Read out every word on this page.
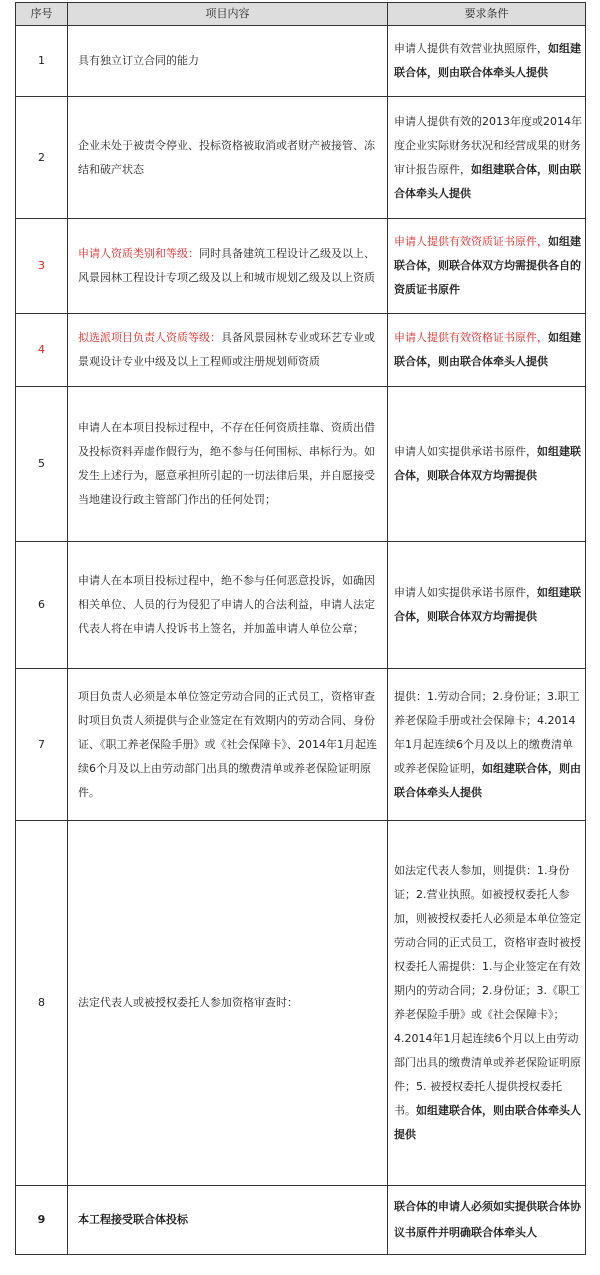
序号	项目内容	要求条件
1	具有独立订立合同的能力	申请人提供有效营业执照原件，如组建联合体，则由联合体牵头人提供
2	企业未处于被责令停业、投标资格被取消或者财产被接管、冻结和破产状态	申请人提供有效的2013年度或2014年度企业实际财务状况和经营成果的财务审计报告原件，如组建联合体，则由联合体牵头人提供
3	申请人资质类别和等级：同时具备建筑工程设计乙级及以上、风景园林工程设计专项乙级及以上和城市规划乙级及以上资质	申请人提供有效资质证书原件，如组建联合体，则联合体双方均需提供各自的资质证书原件
4	拟选派项目负责人资质等级：具备风景园林专业或环艺专业或景观设计专业中级及以上工程师或注册规划师资质	申请人提供有效资格证书原件，如组建联合体，则由联合体牵头人提供
5	申请人在本项目投标过程中，不存在任何资质挂靠、资质出借及投标资料弄虚作假行为，绝不参与任何围标、串标行为。如发生上述行为，愿意承担所引起的一切法律后果，并自愿接受当地建设行政主管部门作出的任何处罚；	申请人如实提供承诺书原件，如组建联合体，则联合体双方均需提供
6	申请人在本项目投标过程中，绝不参与任何恶意投诉，如确因相关单位、人员的行为侵犯了申请人的合法利益，申请人法定代表人将在申请人投诉书上签名，并加盖申请人单位公章；	申请人如实提供承诺书原件，如组建联合体，则联合体双方均需提供
7	项目负责人必须是本单位签定劳动合同的正式员工，资格审查时项目负责人须提供与企业签定在有效期内的劳动合同、身份证、《职工养老保险手册》或《社会保障卡》、2014年1月起连续6个月及以上由劳动部门出具的缴费清单或养老保险证明原件。	提供：1.劳动合同；2.身份证；3.职工养老保险手册或社会保障卡；4.2014年1月起连续6个月及以上的缴费清单或养老保险证明，如组建联合体，则由联合体牵头人提供
8	法定代表人或被授权委托人参加资格审查时：	如法定代表人参加，则提供：1.身份证；2.营业执照。如被授权委托人参加，则被授权委托人必须是本单位签定劳动合同的正式员工，资格审查时被授权委托人需提供：1.与企业签定在有效期内的劳动合同；2.身份证；3.《职工养老保险手册》或《社会保障卡》；4.2014年1月起连续6个月以上由劳动部门出具的缴费清单或养老保险证明原件；5. 被授权委托人提供授权委托书。如组建联合体，则由联合体牵头人提供
9	本工程接受联合体投标	联合体的申请人必须如实提供联合体协议书原件并明确联合体牵头人
